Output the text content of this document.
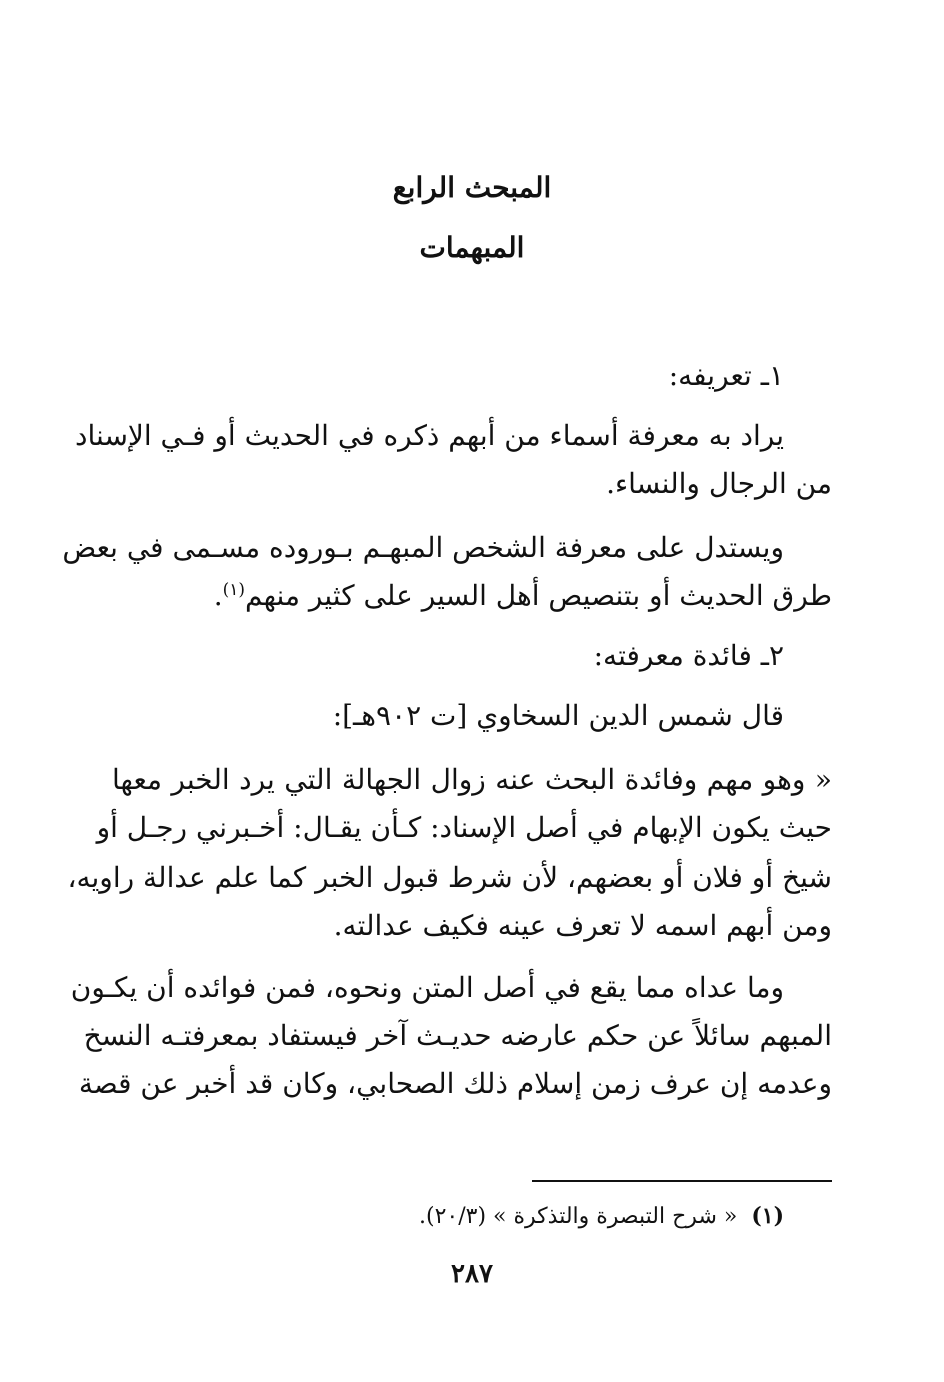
المبحث الرابع
المبهمات
١ـ تعريفه:
يراد به معرفة أسماء من أبهم ذكره في الحديث أو فـي الإسناد
من الرجال والنساء.
ويستدل على معرفة الشخص المبهـم بـوروده مسـمى في بعض
طرق الحديث أو بتنصيص أهل السير على كثير منهم$^{(١)}$.
٢ـ فائدة معرفته:
قال شمس الدين السخاوي [ت ٩٠٢هـ]:
« وهو مهم وفائدة البحث عنه زوال الجهالة التي يرد الخبر معها
حيث يكون الإبهام في أصل الإسناد: كـأن يقـال: أخـبرني رجـل أو
شيخ أو فلان أو بعضهم، لأن شرط قبول الخبر كما علم عدالة راويه،
ومن أبهم اسمه لا تعرف عينه فكيف عدالته.
وما عداه مما يقع في أصل المتن ونحوه، فمن فوائده أن يكـون
المبهم سائلاً عن حكم عارضه حديـث آخر فيستفاد بمعرفتـه النسخ
وعدمه إن عرف زمن إسلام ذلك الصحابي، وكان قد أخبر عن قصة
(١)« شرح التبصرة والتذكرة » (٢٠/٣).
٢٨٧
